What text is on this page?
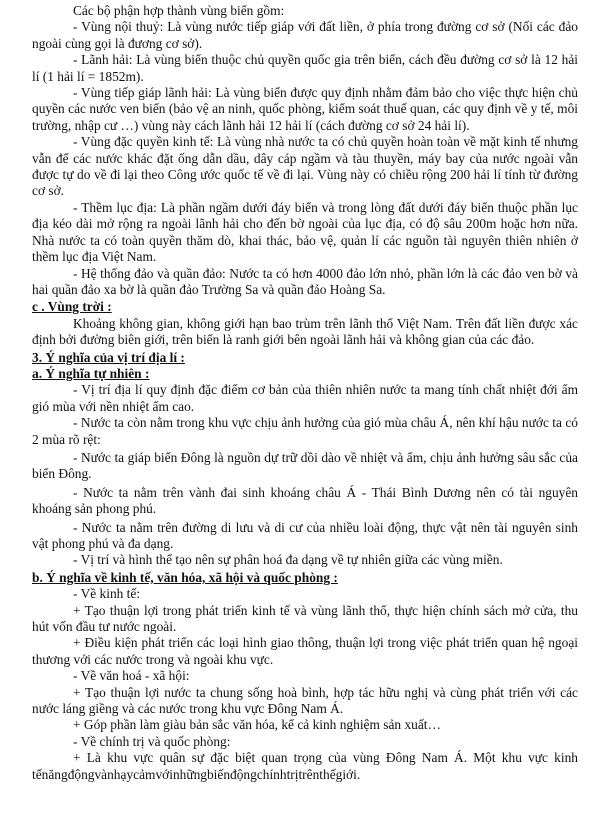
Các bộ phận hợp thành vùng biển gồm:

- Vùng nội thuỷ: Là vùng nước tiếp giáp với đất liền, ở phía trong đường cơ sở (Nối các đảo ngoài cùng gọi là đương cơ sở).

- Lãnh hải: Là vùng biển thuộc chủ quyền quốc gia trên biển, cách đều đường cơ sở là 12 hải lí (1 hải lí = 1852m).

- Vùng tiếp giáp lãnh hải: Là vùng biển được quy định nhằm đảm bảo cho việc thực hiện chủ quyền các nước ven biển (bảo vệ an ninh, quốc phòng, kiểm soát thuế quan, các quy định về y tế, môi trường, nhập cư …) vùng này cách lãnh hải 12 hải lí (cách đường cơ sở 24 hải lí).

- Vùng đặc quyền kinh tế: Là vùng nhà nước ta có chủ quyền hoàn toàn về mặt kinh tế nhưng vẫn để các nước khác đặt ống dẫn dầu, dây cáp ngầm và tàu thuyền, máy bay của nước ngoài vẫn được tự do về đi lại theo Công ước quốc tế về đi lại. Vùng này có chiều rộng 200 hải lí tính từ đường cơ sở.

- Thềm lục địa: Là phần ngầm dưới đáy biển và trong lòng đất dưới đáy biển thuộc phần lục địa kéo dài mở rộng ra ngoài lãnh hải cho đến bờ ngoài của lục địa, có độ sâu 200m hoặc hơn nữa. Nhà nước ta có toàn quyền thăm dò, khai thác, bảo vệ, quản lí các nguồn tài nguyên thiên nhiên ở thềm lục địa Việt Nam.

- Hệ thống đảo và quần đảo: Nước ta có hơn 4000 đảo lớn nhỏ, phần lớn là các đảo ven bờ và hai quần đảo xa bờ là quần đảo Trường Sa và quần đảo Hoàng Sa.

c . Vùng trời :

Khoảng không gian, không giới hạn bao trùm trên lãnh thổ Việt Nam. Trên đất liền được xác định bởi đường biên giới, trên biển là ranh giới bên ngoài lãnh hải và không gian của các đảo.

3. Ý nghĩa của vị trí địa lí :

a. Ý nghĩa tự nhiên :

- Vị trí địa lí quy định đặc điểm cơ bản của thiên nhiên nước ta mang tính chất nhiệt đới ẩm gió mùa với nền nhiệt ẩm cao.

- Nước ta còn nằm trong khu vực chịu ảnh hưởng của gió mùa châu Á, nên khí hậu nước ta có 2 mùa rõ rệt:

- Nước ta giáp biển Đông là nguồn dự trữ dồi dào về nhiệt và ẩm, chịu ảnh hưởng sâu sắc của biển Đông.

- Nước ta nằm trên vành đai sinh khoáng châu Á - Thái Bình Dương nên có tài nguyên khoáng sản phong phú.

- Nước ta nằm trên đường di lưu và di cư của nhiều loài động, thực vật nên tài nguyên sinh vật phong phú và đa dạng.

- Vị trí và hình thể tạo nên sự phân hoá đa dạng về tự nhiên giữa các vùng miền.

b. Ý nghĩa về kinh tế, văn hóa, xã hội và quốc phòng :

- Về kinh tế:

+ Tạo thuận lợi trong phát triển kinh tế và vùng lãnh thổ, thực hiện chính sách mở cửa, thu hút vốn đầu tư nước ngoài.

+ Điều kiện phát triển các loại hình giao thông, thuận lợi trong việc phát triển quan hệ ngoại thương với các nước trong và ngoài khu vực.

- Về văn hoá - xã hội:

+ Tạo thuận lợi nước ta chung sống hoà bình, hợp tác hữu nghị và cùng phát triển với các nước láng giềng và các nước trong khu vực Đông Nam Á.

+ Góp phần làm giàu bản sắc văn hóa, kể cả kinh nghiệm sản xuất…

- Về chính trị và quốc phòng:

+ Là khu vực quân sự đặc biệt quan trọng của vùng Đông Nam Á. Một khu vực kinh tếnăngđộngvànhạycảmvớinhữngbiếnđộngchínhtrịtrênthếgiới.
